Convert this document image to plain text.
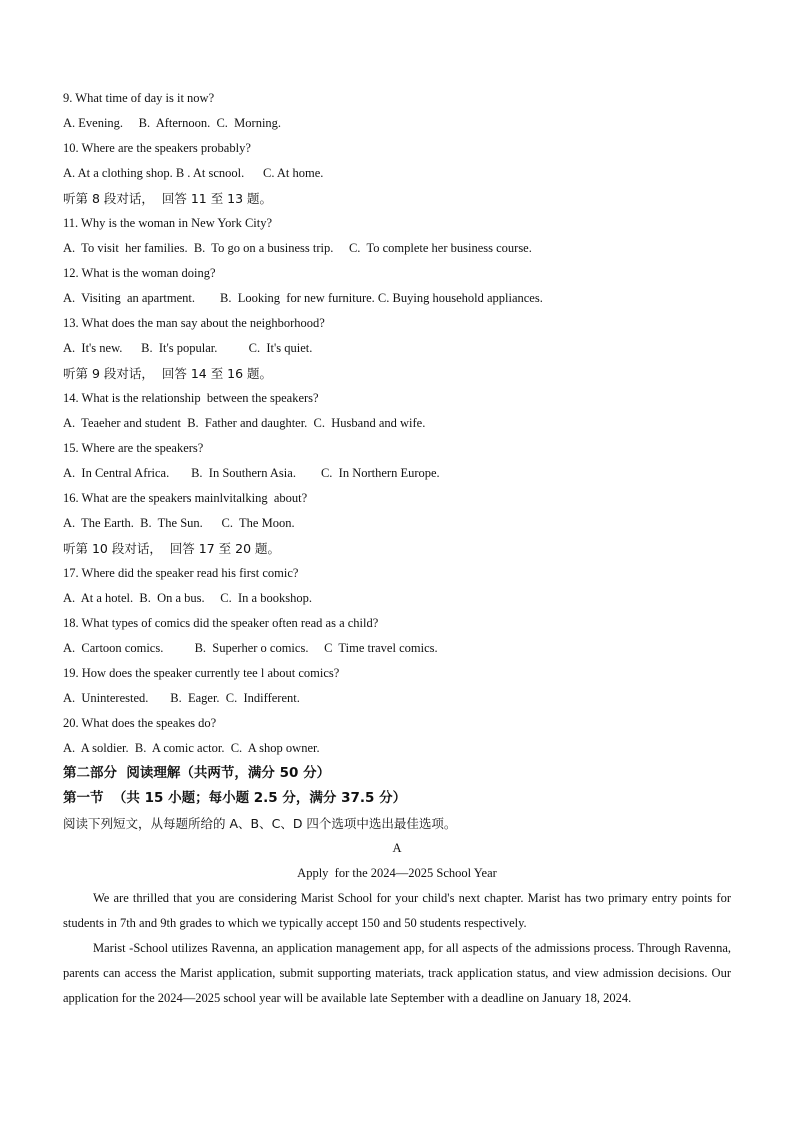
9. What time of day is it now?
A. Evening.     B.  Afternoon.  C.  Morning.
10. Where are the speakers probably?
A. At a clothing shop. B . At scnool.      C. At home.
听第 8 段对话，  回答 11 至 13 题。
11. Why is the woman in New York City?
A.  To visit  her families.  B.  To go on a business trip.     C.  To complete her business course.
12. What is the woman doing?
A.  Visiting  an apartment.        B.  Looking  for new furniture. C. Buying household appliances.
13. What does the man say about the neighborhood?
A.  It's new.      B.  It's popular.          C.  It's quiet.
听第 9 段对话，  回答 14 至 16 题。
14. What is the relationship  between the speakers?
A.  Teaeher and student  B.  Father and daughter.  C.  Husband and wife.
15. Where are the speakers?
A.  In Central Africa.       B.  In Southern Asia.        C.  In Northern Europe.
16. What are the speakers mainlvitalking  about?
A.  The Earth.  B.  The Sun.      C.  The Moon.
听第 10 段对话，  回答 17 至 20 题。
17. Where did the speaker read his first comic?
A.  At a hotel.  B.  On a bus.     C.  In a bookshop.
18. What types of comics did the speaker often read as a child?
A.  Cartoon comics.          B.  Superher o comics.     C  Time travel comics.
19. How does the speaker currently tee l about comics?
A.  Uninterested.       B.  Eager.  C.  Indifferent.
20. What does the speakes do?
A.  A soldier.  B.  A comic actor.  C.  A shop owner.
第二部分  阅读理解（共两节，满分 50 分）
第一节  （共 15 小题；每小题 2.5 分，满分 37.5 分）
阅读下列短文，从每题所给的 A、B、C、D 四个选项中选出最佳选项。
A
Apply  for the 2024—2025 School Year
We are thrilled that you are considering Marist School for your child's next chapter. Marist has two primary entry points for students in 7th and 9th grades to which we typically accept 150 and 50 students respectively.
Marist -School utilizes Ravenna, an application management app, for all aspects of the admissions process. Through Ravenna, parents can access the Marist application, submit supporting materiats, track application status, and view admission decisions. Our application for the 2024—2025 school year will be available late September with a deadline on January 18, 2024.
